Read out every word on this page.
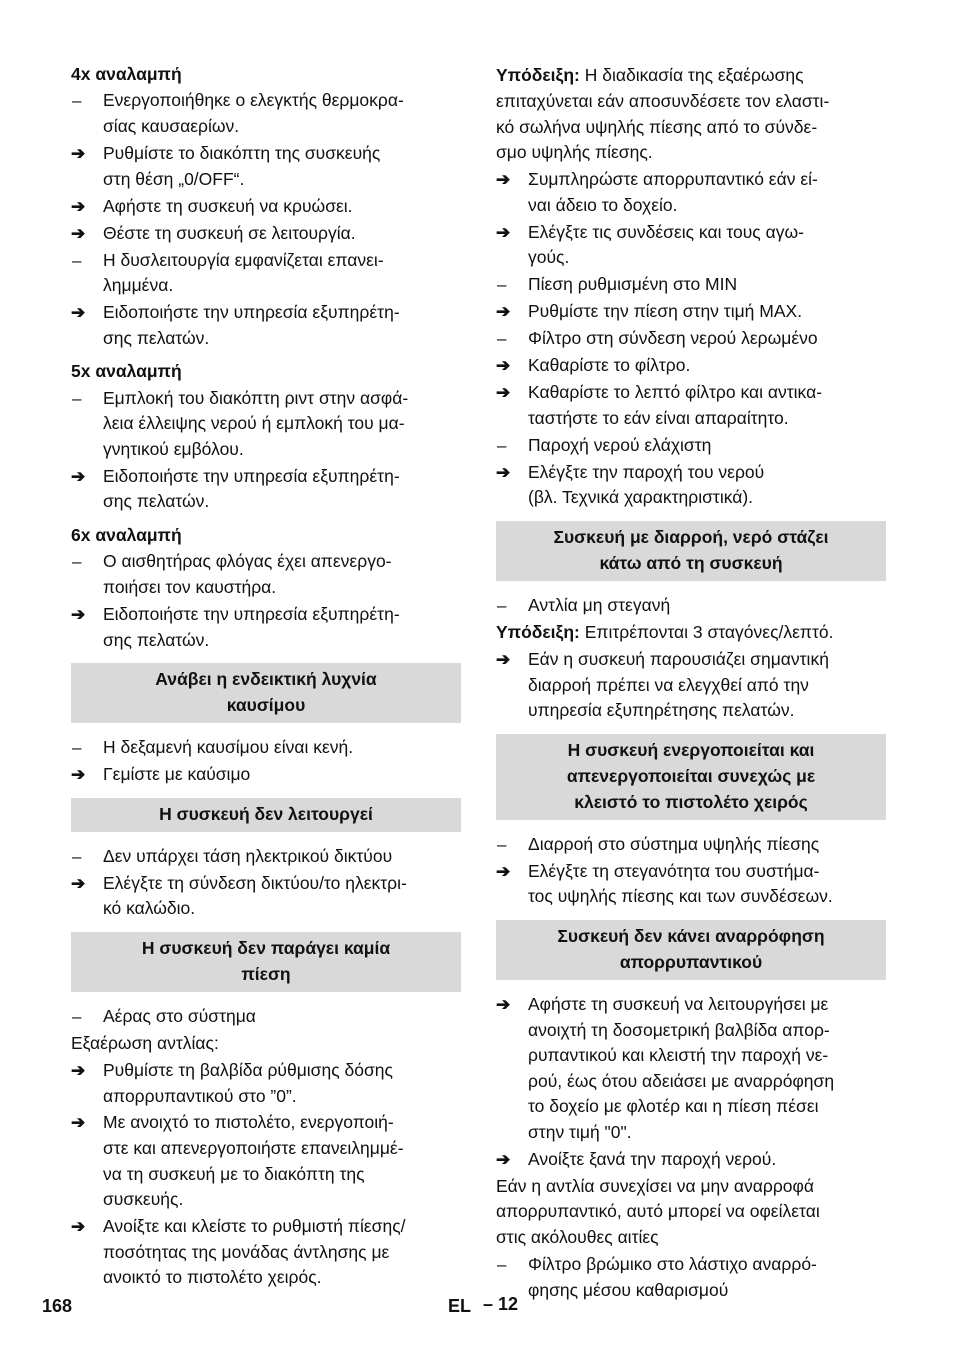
4x αναλαμπή
–	Ενεργοποιήθηκε ο ελεγκτής θερμοκρα-
σίας καυσαερίων.
➔	Ρυθμίστε το διακόπτη της συσκευής
στη θέση „0/OFF“.
➔	Αφήστε τη συσκευή να κρυώσει.
➔	Θέστε τη συσκευή σε λειτουργία.
–	Η δυσλειτουργία εμφανίζεται επανει-
λημμένα.
➔	Ειδοποιήστε την υπηρεσία εξυπηρέτη-
σης πελατών.
5x αναλαμπή
–	Εμπλοκή του διακόπτη ριντ στην ασφά-
λεια έλλειψης νερού ή εμπλοκή του μα-
γνητικού εμβόλου.
➔	Ειδοποιήστε την υπηρεσία εξυπηρέτη-
σης πελατών.
6x αναλαμπή
–	Ο αισθητήρας φλόγας έχει απενεργο-
ποιήσει τον καυστήρα.
➔	Ειδοποιήστε την υπηρεσία εξυπηρέτη-
σης πελατών.
Ανάβει η ενδεικτική λυχνία
καυσίμου
–	Η δεξαμενή καυσίμου είναι κενή.
➔	Γεμίστε με καύσιμο
Η συσκευή δεν λειτουργεί
–	Δεν υπάρχει τάση ηλεκτρικού δικτύου
➔	Ελέγξτε τη σύνδεση δικτύου/το ηλεκτρι-
κό καλώδιο.
Η συσκευή δεν παράγει καμία
πίεση
–	Αέρας στο σύστημα
Εξαέρωση αντλίας:
➔	Ρυθμίστε τη βαλβίδα ρύθμισης δόσης
απορρυπαντικού στο ”0”.
➔	Με ανοιχτό το πιστολέτο, ενεργοποιή-
στε και απενεργοποιήστε επανειλημμέ-
να τη συσκευή με το διακόπτη της
συσκευής.
➔	Ανοίξτε και κλείστε το ρυθμιστή πίεσης/
ποσότητας της μονάδας άντλησης με
ανοικτό το πιστολέτο χειρός.
Υπόδειξη: Η διαδικασία της εξαέρωσης
επιταχύνεται εάν αποσυνδέσετε τον ελαστι-
κό σωλήνα υψηλής πίεσης από το σύνδε-
σμο υψηλής πίεσης.
➔	Συμπληρώστε απορρυπαντικό εάν εί-
ναι άδειο το δοχείο.
➔	Ελέγξτε τις συνδέσεις και τους αγω-
γούς.
–	Πίεση ρυθμισμένη στο MIN
➔	Ρυθμίστε την πίεση στην τιμή MAX.
–	Φίλτρο στη σύνδεση νερού λερωμένο
➔	Καθαρίστε το φίλτρο.
➔	Καθαρίστε το λεπτό φίλτρο και αντικα-
ταστήστε το εάν είναι απαραίτητο.
–	Παροχή νερού ελάχιστη
➔	Ελέγξτε την παροχή του νερού
(βλ. Τεχνικά χαρακτηριστικά).
Συσκευή με διαρροή, νερό στάζει
κάτω από τη συσκευή
–	Αντλία μη στεγανή
Υπόδειξη: Επιτρέπονται 3 σταγόνες/λεπτό.
➔	Εάν η συσκευή παρουσιάζει σημαντική
διαρροή πρέπει να ελεγχθεί από την
υπηρεσία εξυπηρέτησης πελατών.
Η συσκευή ενεργοποιείται και
απενεργοποιείται συνεχώς με
κλειστό το πιστολέτο χειρός
–	Διαρροή στο σύστημα υψηλής πίεσης
➔	Ελέγξτε τη στεγανότητα του συστήμα-
τος υψηλής πίεσης και των συνδέσεων.
Συσκευή δεν κάνει αναρρόφηση
απορρυπαντικού
➔	Αφήστε τη συσκευή να λειτουργήσει με
ανοιχτή τη δοσομετρική βαλβίδα απορ-
ρυπαντικού και κλειστή την παροχή νε-
ρού, έως ότου αδειάσει με αναρρόφηση
το δοχείο με φλοτέρ και η πίεση πέσει
στην τιμή "0".
➔	Ανοίξτε ξανά την παροχή νερού.
Εάν η αντλία συνεχίσει να μην αναρροφά
απορρυπαντικό, αυτό μπορεί να οφείλεται
στις ακόλουθες αιτίες
–	Φίλτρο βρώμικο στο λάστιχο αναρρό-
φησης μέσου καθαρισμού
168	EL – 12
